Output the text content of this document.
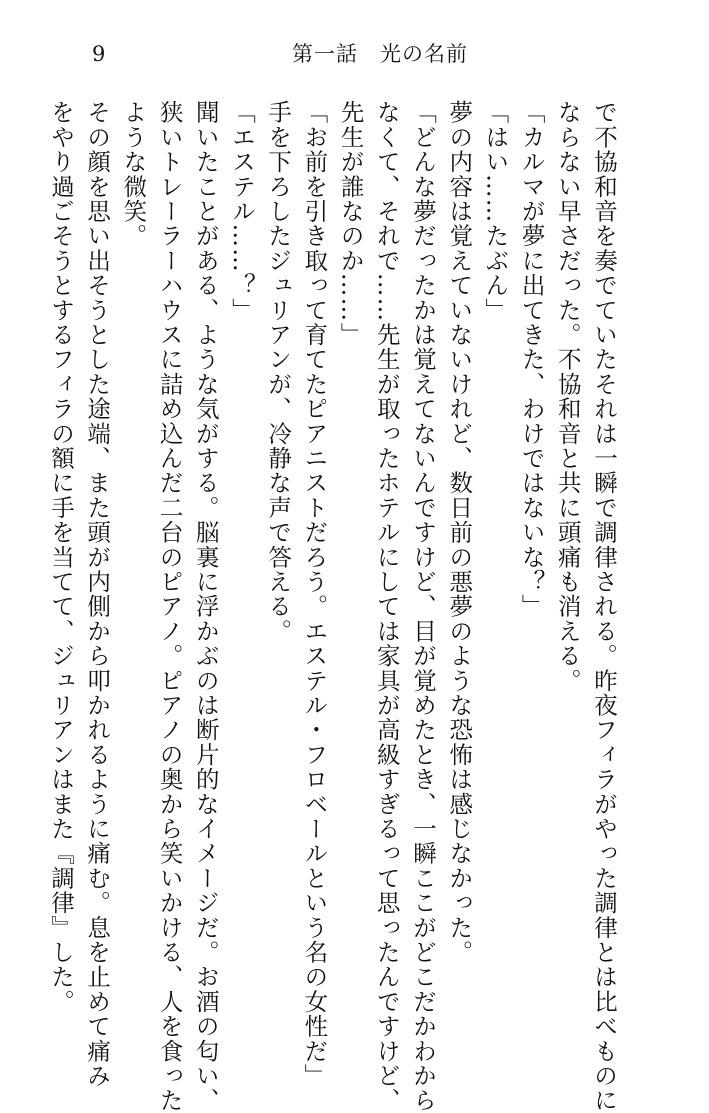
9	第一話　光の名前
で不協和音を奏でていたそれは一瞬で調律される。昨夜フィラがやった調律とは比べものに
ならない早さだった。不協和音と共に頭痛も消える。
「カルマが夢に出てきた、わけではないな？」
「はい……たぶん」
夢の内容は覚えていないけれど、数日前の悪夢のような恐怖は感じなかった。
「どんな夢だったかは覚えてないんですけど、目が覚めたとき、一瞬ここがどこだかわから
なくて、それで……先生が取ったホテルにしては家具が高級すぎるって思ったんですけど、
先生が誰なのか……」
「お前を引き取って育てたピアニストだろう。エステル・フロベールという名の女性だ」
手を下ろしたジュリアンが、冷静な声で答える。
「エステル……？」
聞いたことがある、ような気がする。脳裏に浮かぶのは断片的なイメージだ。お酒の匂い、
狭いトレーラーハウスに詰め込んだ二台のピアノ。ピアノの奥から笑いかける、人を食った
ような微笑。
その顔を思い出そうとした途端、また頭が内側から叩かれるように痛む。息を止めて痛み
をやり過ごそうとするフィラの額に手を当てて、ジュリアンはまた『調律』した。
